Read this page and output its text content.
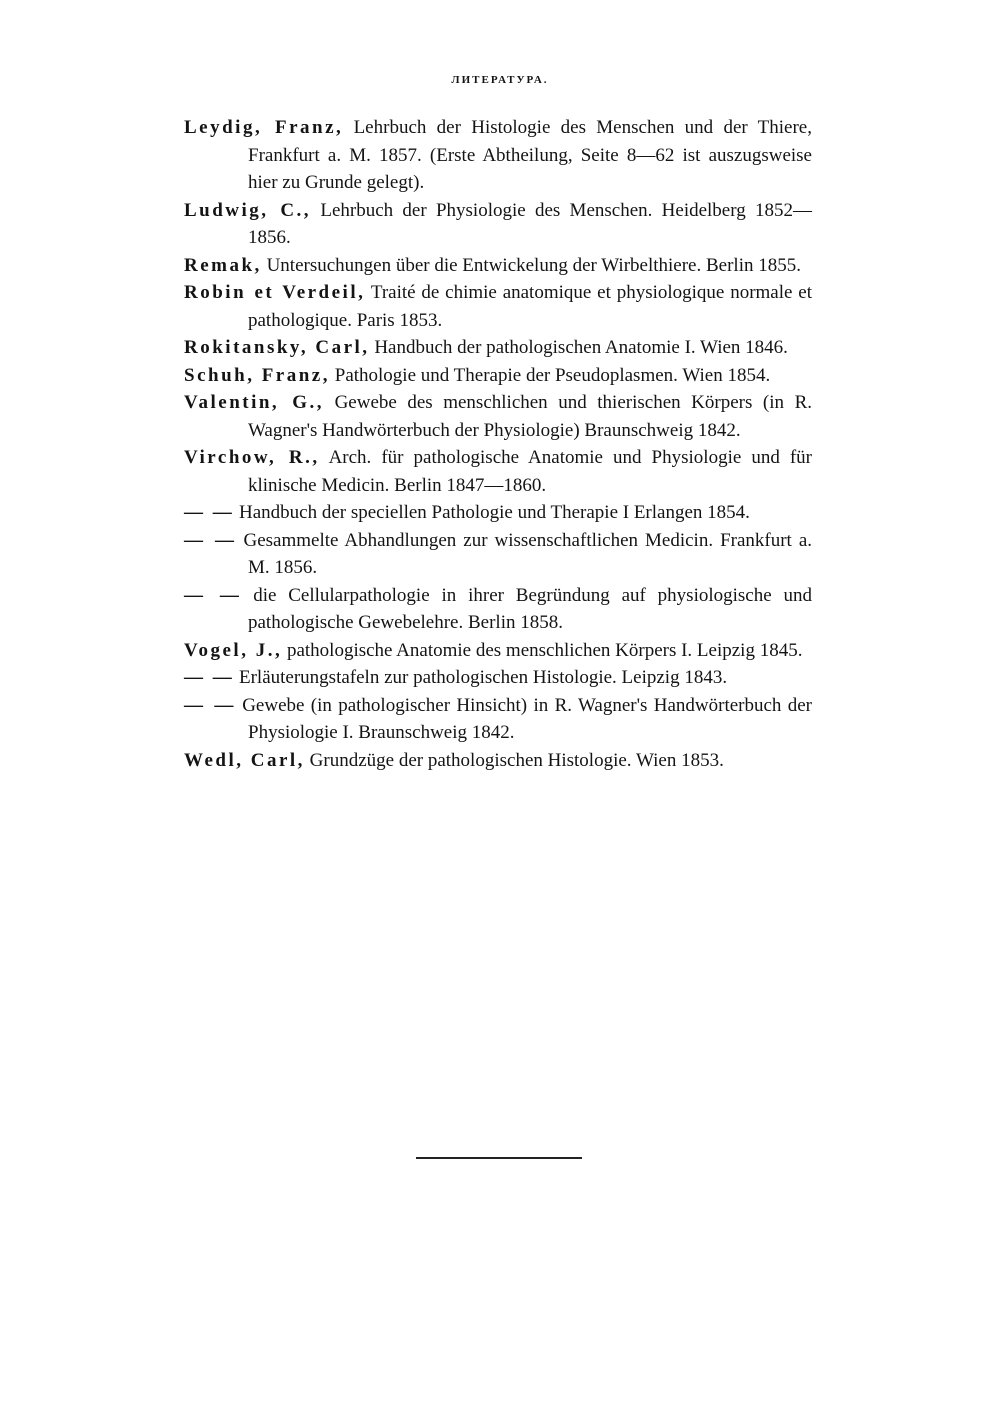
ЛИТЕРАТУРА.
Leydig, Franz, Lehrbuch der Histologie des Menschen und der Thiere, Frankfurt a. M. 1857. (Erste Abtheilung, Seite 8—62 ist auszugsweise hier zu Grunde gelegt).
Ludwig, C., Lehrbuch der Physiologie des Menschen. Heidelberg 1852—1856.
Remak, Untersuchungen über die Entwickelung der Wirbelthiere. Berlin 1855.
Robin et Verdeil, Traité de chimie anatomique et physiologique normale et pathologique. Paris 1853.
Rokitansky, Carl, Handbuch der pathologischen Anatomie I. Wien 1846.
Schuh, Franz, Pathologie und Therapie der Pseudoplasmen. Wien 1854.
Valentin, G., Gewebe des menschlichen und thierischen Körpers (in R. Wagner's Handwörterbuch der Physiologie) Braunschweig 1842.
Virchow, R., Arch. für pathologische Anatomie und Physiologie und für klinische Medicin. Berlin 1847—1860.
— — Handbuch der speciellen Pathologie und Therapie I Erlangen 1854.
— — Gesammelte Abhandlungen zur wissenschaftlichen Medicin. Frankfurt a. M. 1856.
— — die Cellularpathologie in ihrer Begründung auf physiologische und pathologische Gewebelehre. Berlin 1858.
Vogel, J., pathologische Anatomie des menschlichen Körpers I. Leipzig 1845.
— — Erläuterungstafeln zur pathologischen Histologie. Leipzig 1843.
— — Gewebe (in pathologischer Hinsicht) in R. Wagner's Handwörterbuch der Physiologie I. Braunschweig 1842.
Wedl, Carl, Grundzüge der pathologischen Histologie. Wien 1853.
